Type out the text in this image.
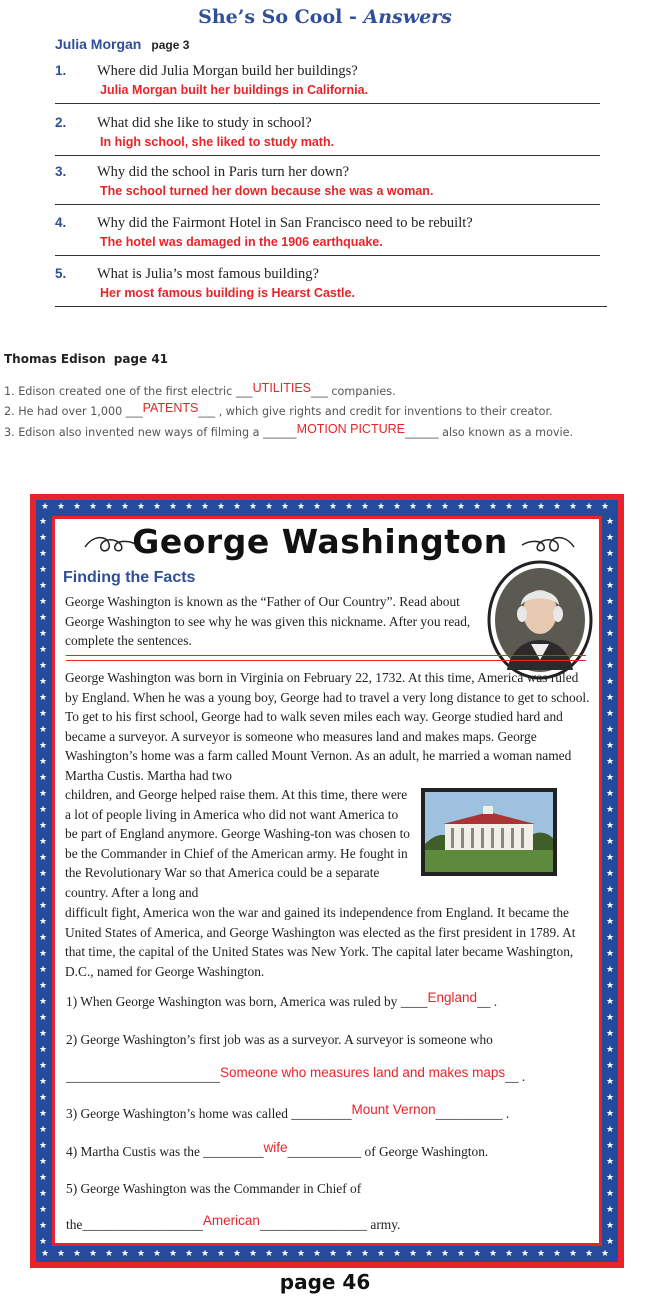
She’s So Cool - Answers
Julia Morgan page 3
1. Where did Julia Morgan build her buildings?
Julia Morgan built her buildings in California.
2. What did she like to study in school?
In high school, she liked to study math.
3. Why did the school in Paris turn her down?
The school turned her down because she was a woman.
4. Why did the Fairmont Hotel in San Francisco need to be rebuilt?
The hotel was damaged in the 1906 earthquake.
5. What is Julia’s most famous building?
Her most famous building is Hearst Castle.
Thomas Edison page 41
1. Edison created one of the first electric ___UTILITIES___ companies.
2. He had over 1,000 ___PATENTS___ , which give rights and credit for inventions to their creator.
3. Edison also invented new ways of filming a ______MOTION PICTURE______ also known as a movie.
★
★
★
★
★
★
★
★
★
★
★
★
★
★
★
★
★
★
★
★
★
★
★
★
★
★
★
★
★
★
★
★
★
★
★
★
★
★
★
★
★
★
★
★
★
★
★
★
★
★
★
★
★
★
★
★
★
★
★
★
★
★
★
★
★
★
★
★
★
★
★
★
★	★
★	★
★	★
★	★
★	★
★	★
★	★
★	★
★	★
★	★
★	★
★	★
★	★
★	★
★	★
★	★
★	★
★	★
★	★
★	★
★	★
★	★
★	★
★	★
★	★
★	★
★	★
★	★
★	★
★	★
★	★
★	★
★	★
★	★
★	★
★	★
★	★
★	★
★	★
★	★
★	★
★	★
★	★
★	★
★	★
★	★
George Washington
Finding the Facts
George Washington is known as the “Father of Our Country”. Read about George Washington to see why he was given this nickname. After you read, complete the sentences.
George Washington was born in Virginia on February 22, 1732. At this time, America was ruled by England. When he was a young boy, George had to travel a very long distance to get to school. To get to his first school, George had to walk seven miles each way. George studied hard and became a surveyor. A surveyor is someone who measures land and makes maps. George Washington’s home was a farm called Mount Vernon. As an adult, he married a woman named Martha Custis. Martha had two
children, and George helped raise them. At this time, there were a lot of people living in America who did not want America to be part of England anymore. George Washing-ton was chosen to be the Commander in Chief of the American army. He fought in the Revolutionary War so that America could be a separate country. After a long and
difficult fight, America won the war and gained its independence from England. It became the United States of America, and George Washington was elected as the first president in 1789. At that time, the capital of the United States was New York. The capital later became Washington, D.C., named for George Washington.
1) When George Washington was born, America was ruled by ____England__ .
2) George Washington’s first job was as a surveyor. A surveyor is someone who
_______________________Someone who measures land and makes maps__ .
3) George Washington’s home was called _________Mount Vernon__________ .
4) Martha Custis was the _________wife___________ of George Washington.
5) George Washington was the Commander in Chief of
the__________________American________________ army.
page 46
